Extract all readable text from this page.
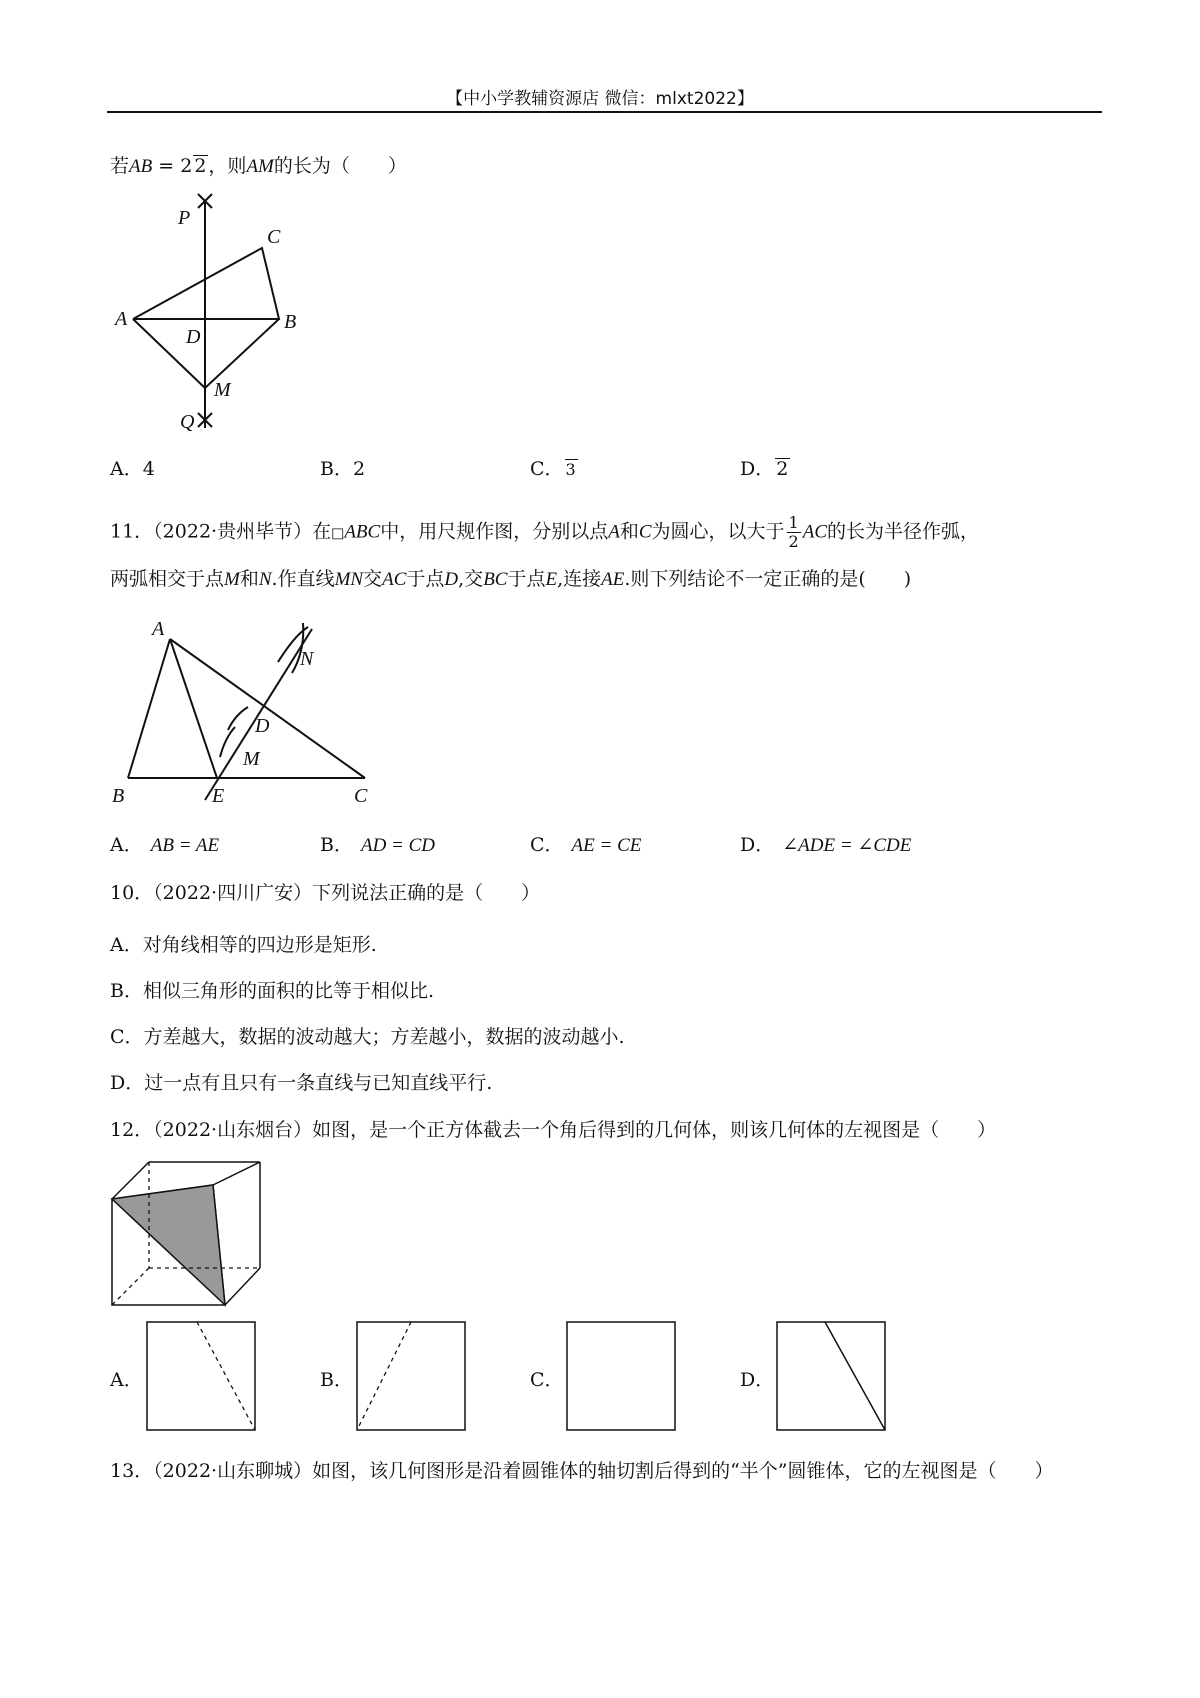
【中小学教辅资源店 微信：mlxt2022】
若AB = 2 2 ，则AM的长为（　　）
P
C
A
D
B
M
Q
A．4	B．2	C． 3	D． 2
11．（2022·贵州毕节）在□ABC中，用尺规作图，分别以点A和C为圆心，以大于 $\frac{1}{2}$ AC的长为半径作弧，
两弧相交于点M和N.作直线MN交AC于点D,交BC于点E,连接AE.则下列结论不一定正确的是(　　)
A
N
D
M
B	E	C
A． AB = AE	B． AD = CD	C． AE = CE	D． ∠ADE = ∠CDE
10．（2022·四川广安）下列说法正确的是（　　）
A．对角线相等的四边形是矩形.
B．相似三角形的面积的比等于相似比.
C．方差越大，数据的波动越大；方差越小，数据的波动越小.
D．过一点有且只有一条直线与已知直线平行.
12．（2022·山东烟台）如图，是一个正方体截去一个角后得到的几何体，则该几何体的左视图是（　　）
A．	B．	C．	D．
13．（2022·山东聊城）如图，该几何图形是沿着圆锥体的轴切割后得到的“半个”圆锥体，它的左视图是（　　）
